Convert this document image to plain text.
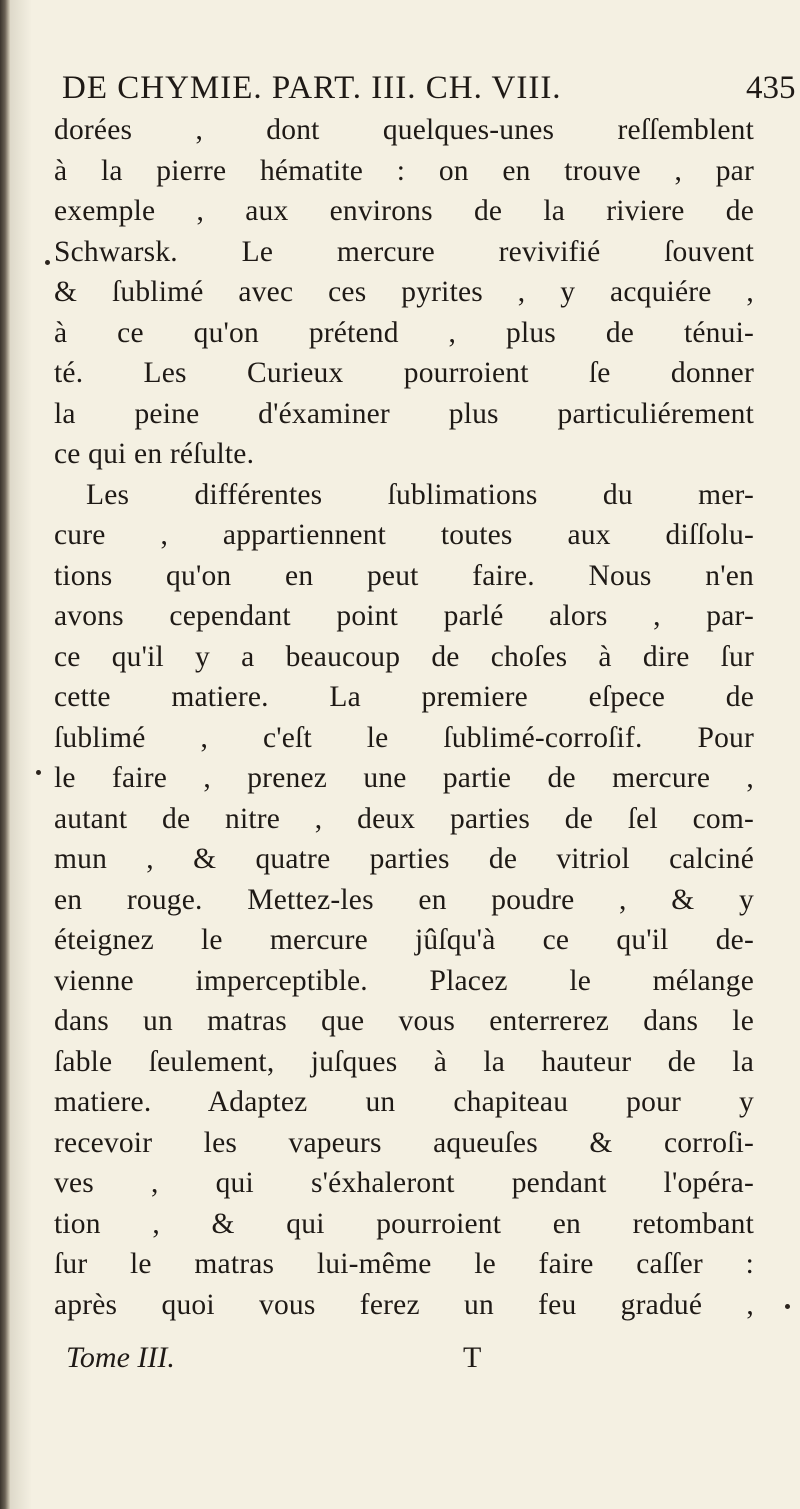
DE CHYMIE. PART. III. CH. VIII.	435
dorées , dont quelques-unes reſſemblent
à la pierre hématite : on en trouve , par
exemple , aux environs de la riviere de
Schwarsk. Le mercure revivifié ſouvent
& ſublimé avec ces pyrites , y acquiére ,
à ce qu'on prétend , plus de ténui-
té. Les Curieux pourroient ſe donner
la peine d'éxaminer plus particuliérement
ce qui en réſulte.
Les différentes ſublimations du mer-
cure , appartiennent toutes aux diſſolu-
tions qu'on en peut faire. Nous n'en
avons cependant point parlé alors , par-
ce qu'il y a beaucoup de choſes à dire ſur
cette matiere. La premiere eſpece de
ſublimé , c'eſt le ſublimé-corroſif. Pour
le faire , prenez une partie de mercure ,
autant de nitre , deux parties de ſel com-
mun , & quatre parties de vitriol calciné
en rouge. Mettez-les en poudre , & y
éteignez le mercure jûſqu'à ce qu'il de-
vienne imperceptible. Placez le mélange
dans un matras que vous enterrerez dans le
ſable ſeulement, juſques à la hauteur de la
matiere. Adaptez un chapiteau pour y
recevoir les vapeurs aqueuſes & corroſi-
ves , qui s'éxhaleront pendant l'opéra-
tion , & qui pourroient en retombant
ſur le matras lui-même le faire caſſer :
après quoi vous ferez un feu gradué ,
Tome III.	T
